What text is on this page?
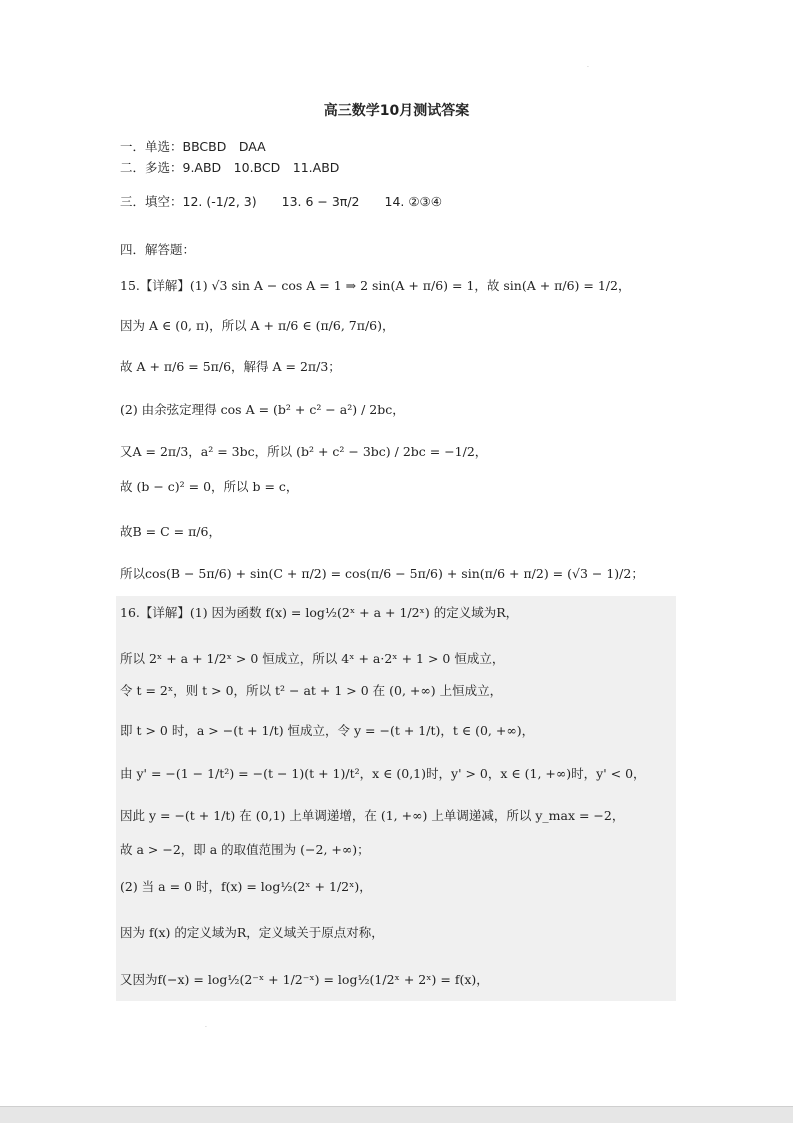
·
高三数学10月测试答案
一．单选：BBCBD　DAA
二．多选：9.ABD　10.BCD　11.ABD
三．填空：12. (-1/2, 3)　　13. 6 − 3π/2　　14. ②③④
四．解答题：
15.【详解】(1) √3 sin A − cos A = 1 ⇒ 2 sin(A + π/6) = 1，故 sin(A + π/6) = 1/2，
因为 A ∈ (0, π)，所以 A + π/6 ∈ (π/6, 7π/6)，
故 A + π/6 = 5π/6，解得 A = 2π/3；
(2) 由余弦定理得 cos A = (b² + c² − a²) / 2bc，
又A = 2π/3，a² = 3bc，所以 (b² + c² − 3bc) / 2bc = −1/2，
故 (b − c)² = 0，所以 b = c，
故B = C = π/6，
所以cos(B − 5π/6) + sin(C + π/2) = cos(π/6 − 5π/6) + sin(π/6 + π/2) = (√3 − 1)/2；
16.【详解】(1) 因为函数 f(x) = log½(2ˣ + a + 1/2ˣ) 的定义域为R，
所以 2ˣ + a + 1/2ˣ > 0 恒成立，所以 4ˣ + a·2ˣ + 1 > 0 恒成立，
令 t = 2ˣ，则 t > 0，所以 t² − at + 1 > 0 在 (0, +∞) 上恒成立，
即 t > 0 时，a > −(t + 1/t) 恒成立，令 y = −(t + 1/t)，t ∈ (0, +∞)，
由 y' = −(1 − 1/t²) = −(t − 1)(t + 1)/t²，x ∈ (0,1)时，y' > 0，x ∈ (1, +∞)时，y' < 0，
因此 y = −(t + 1/t) 在 (0,1) 上单调递增，在 (1, +∞) 上单调递减，所以 y_max = −2，
故 a > −2，即 a 的取值范围为 (−2, +∞)；
(2) 当 a = 0 时，f(x) = log½(2ˣ + 1/2ˣ)，
因为 f(x) 的定义域为R，定义域关于原点对称，
又因为f(−x) = log½(2⁻ˣ + 1/2⁻ˣ) = log½(1/2ˣ + 2ˣ) = f(x)，
·
